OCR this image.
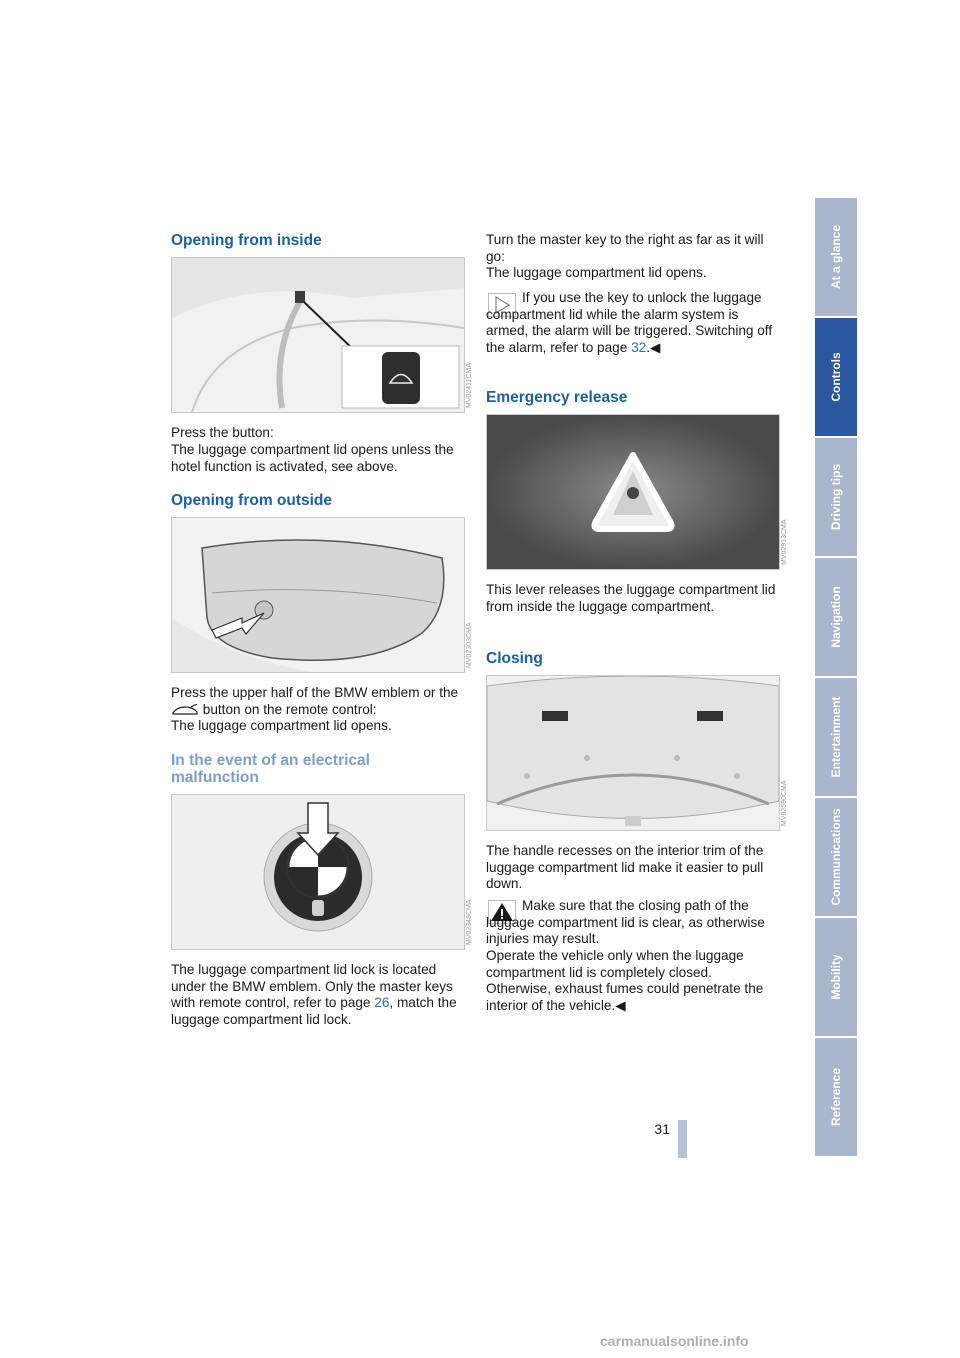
Opening from inside
MV02411CMA

Press the button:

The luggage compartment lid opens unless the hotel function is activated, see above.

Opening from outside
MV02303CMA

Press the upper half of the BMW emblem or the  button on the remote control:

The luggage compartment lid opens.

In the event of an electrical malfunction
MV02348CMA

The luggage compartment lid lock is located under the BMW emblem. Only the master keys with remote control, refer to page 26, match the luggage compartment lid lock.

Turn the master key to the right as far as it will go:

The luggage compartment lid opens.

If you use the key to unlock the luggage compartment lid while the alarm system is armed, the alarm will be triggered. Switching off the alarm, refer to page 32.◀

Emergency release
MV02913CMA

This lever releases the luggage compartment lid from inside the luggage compartment.

Closing
MV02590CMA

The handle recesses on the interior trim of the luggage compartment lid make it easier to pull down.

Make sure that the closing path of the luggage compartment lid is clear, as otherwise injuries may result.

Operate the vehicle only when the luggage compartment lid is completely closed. Otherwise, exhaust fumes could penetrate the interior of the vehicle.◀

At a glance
Controls
Driving tips
Navigation
Entertainment
Communications
Mobility
Reference
31
carmanualsonline.info
